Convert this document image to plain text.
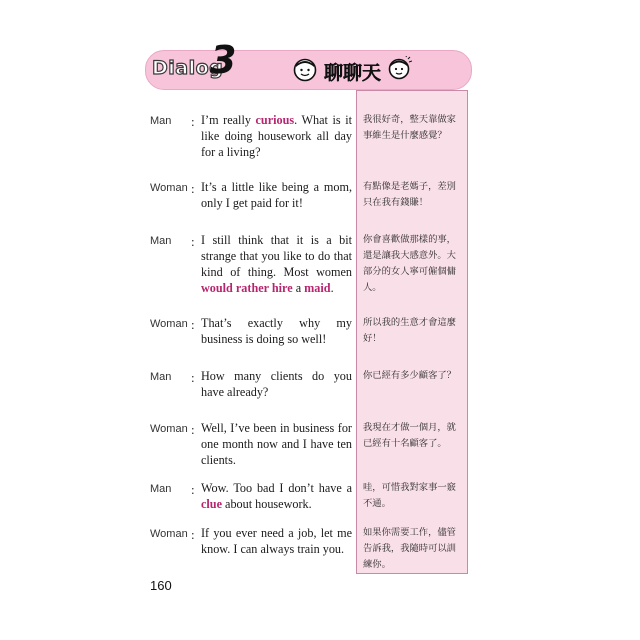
Dialog
3	聊聊天
Man : I’m really curious. What is it like doing housework all day for a living?
我很好奇，整天靠做家事維生是什麼感覺？
Woman : It’s a little like being a mom, only I get paid for it!
有點像是老媽子，差別只在我有錢賺！
Man : I still think that it is a bit strange that you like to do that kind of thing. Most women would rather hire a maid.
你會喜歡做那樣的事，還是讓我大感意外。大部分的女人寧可僱個傭人。
Woman : That’s exactly why my business is doing so well!
所以我的生意才會這麼好！
Man : How many clients do you have already?
你已經有多少顧客了？
Woman : Well, I’ve been in business for one month now and I have ten clients.
我現在才做一個月，就已經有十名顧客了。
Man : Wow. Too bad I don’t have a clue about housework.
哇，可惜我對家事一竅不通。
Woman : If you ever need a job, let me know. I can always train you.
如果你需要工作，儘管告訴我，我隨時可以訓練你。
160
